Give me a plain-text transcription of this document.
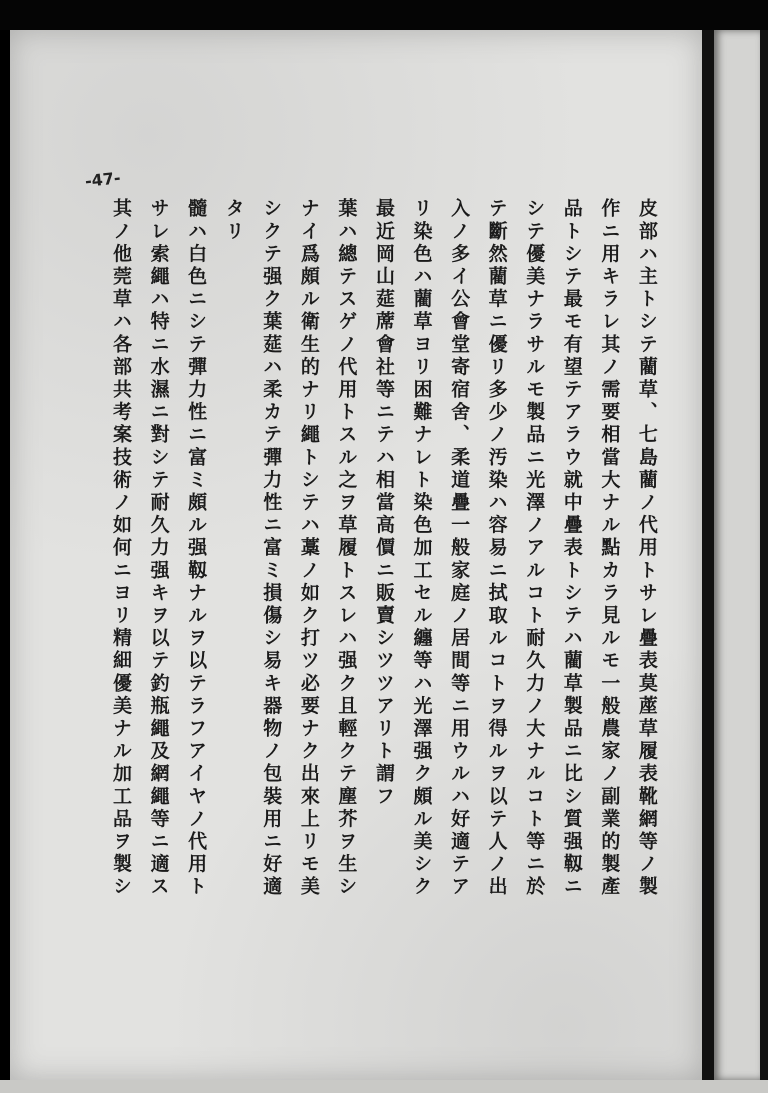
-47-

皮部ハ主トシテ藺草、七島藺ノ代用トサレ疊表莫蓙草履表靴網等ノ製

作ニ用キラレ其ノ需要相當大ナル點カラ見ルモ一般農家ノ副業的製產

品トシテ最モ有望テアラウ就中疊表トシテハ藺草製品ニ比シ質强靱ニ

シテ優美ナラサルモ製品ニ光澤ノアルコト耐久力ノ大ナルコト等ニ於

テ斷然藺草ニ優リ多少ノ汚染ハ容易ニ拭取ルコトヲ得ルヲ以テ人ノ出

入ノ多イ公會堂寄宿舍、柔道疊一般家庭ノ居間等ニ用ウルハ好適テア

リ染色ハ藺草ヨリ困難ナレト染色加工セル纏等ハ光澤强ク頗ル美シク

最近岡山莚蓆會社等ニテハ相當高價ニ販賣シツツアリト謂フ

葉ハ總テスゲノ代用トスル之ヲ草履トスレハ强ク且輕クテ塵芥ヲ生シ

ナイ爲頗ル衛生的ナリ繩トシテハ藁ノ如ク打ツ必要ナク出來上リモ美

シクテ强ク葉莚ハ柔カテ彈力性ニ富ミ損傷シ易キ器物ノ包裝用ニ好適

タリ

髓ハ白色ニシテ彈力性ニ富ミ頗ル强靱ナルヲ以テラフアイヤノ代用ト

サレ索繩ハ特ニ水濕ニ對シテ耐久力强キヲ以テ釣瓶繩及網繩等ニ適ス

其ノ他莞草ハ各部共考案技術ノ如何ニヨリ精細優美ナル加工品ヲ製シ
